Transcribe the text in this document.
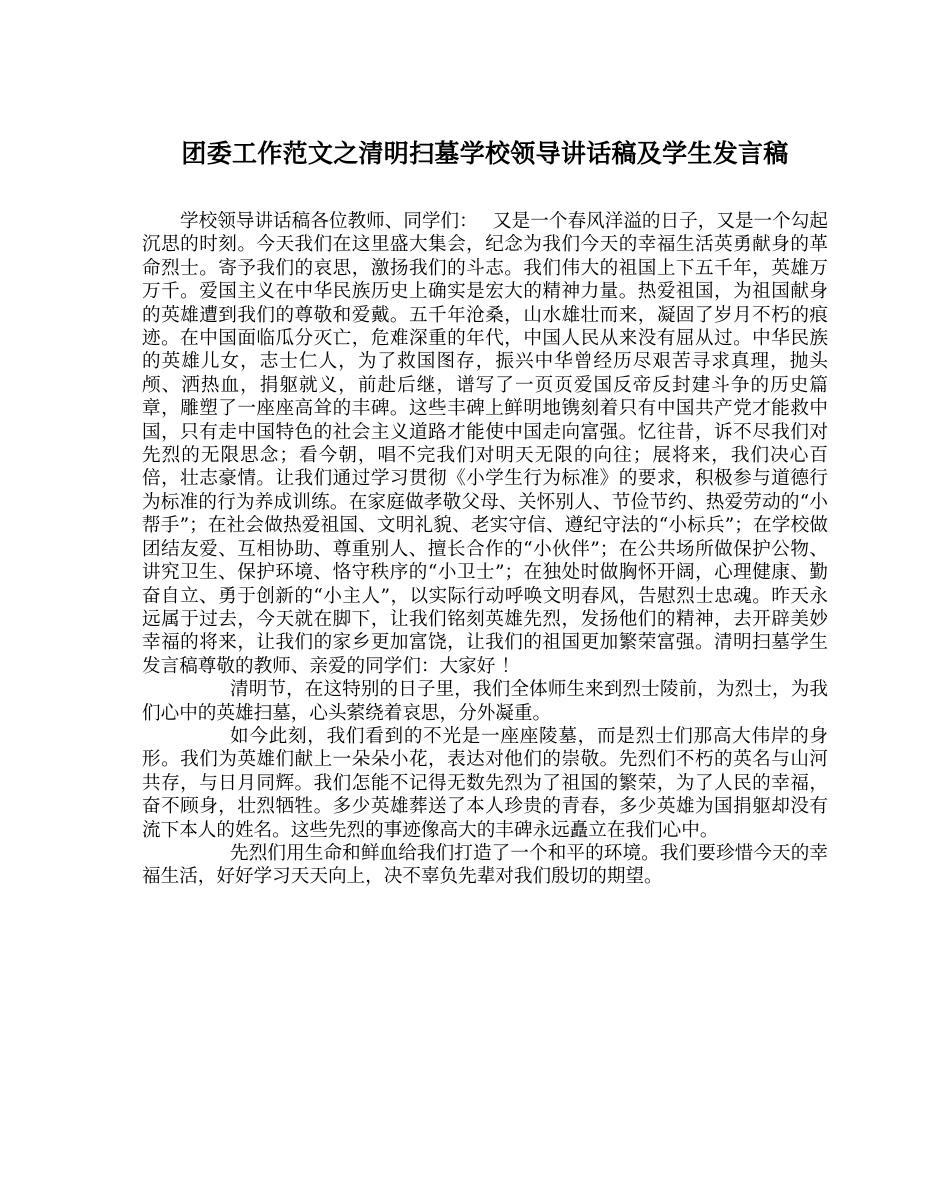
团委工作范文之清明扫墓学校领导讲话稿及学生发言稿

学校领导讲话稿各位教师、同学们：　 又是一个春风洋溢的日子，又是一个勾起沉思的时刻。今天我们在这里盛大集会，纪念为我们今天的幸福生活英勇献身的革命烈士。寄予我们的哀思，激扬我们的斗志。我们伟大的祖国上下五千年，英雄万万千。爱国主义在中华民族历史上确实是宏大的精神力量。热爱祖国，为祖国献身的英雄遭到我们的尊敬和爱戴。五千年沧桑，山水雄壮而来，凝固了岁月不朽的痕迹。在中国面临瓜分灭亡，危难深重的年代，中国人民从来没有屈从过。中华民族的英雄儿女，志士仁人，为了救国图存，振兴中华曾经历尽艰苦寻求真理，抛头颅、洒热血，捐躯就义，前赴后继，谱写了一页页爱国反帝反封建斗争的历史篇章，雕塑了一座座高耸的丰碑。这些丰碑上鲜明地镌刻着只有中国共产党才能救中国，只有走中国特色的社会主义道路才能使中国走向富强。忆往昔，诉不尽我们对先烈的无限思念；看今朝，唱不完我们对明天无限的向往；展将来，我们决心百倍，壮志豪情。让我们通过学习贯彻《小学生行为标准》的要求，积极参与道德行为标准的行为养成训练。在家庭做孝敬父母、关怀别人、节俭节约、热爱劳动的“小帮手”；在社会做热爱祖国、文明礼貌、老实守信、遵纪守法的“小标兵”；在学校做团结友爱、互相协助、尊重别人、擅长合作的“小伙伴”；在公共场所做保护公物、讲究卫生、保护环境、恪守秩序的“小卫士”；在独处时做胸怀开阔，心理健康、勤奋自立、勇于创新的“小主人”，以实际行动呼唤文明春风，告慰烈士忠魂。昨天永远属于过去，今天就在脚下，让我们铭刻英雄先烈，发扬他们的精神，去开辟美妙幸福的将来，让我们的家乡更加富饶，让我们的祖国更加繁荣富强。清明扫墓学生发言稿尊敬的教师、亲爱的同学们：大家好 ！

清明节，在这特别的日子里，我们全体师生来到烈士陵前，为烈士，为我们心中的英雄扫墓，心头萦绕着哀思，分外凝重。

如今此刻，我们看到的不光是一座座陵墓，而是烈士们那高大伟岸的身形。我们为英雄们献上一朵朵小花，表达对他们的崇敬。先烈们不朽的英名与山河共存，与日月同辉。我们怎能不记得无数先烈为了祖国的繁荣，为了人民的幸福，奋不顾身，壮烈牺牲。多少英雄葬送了本人珍贵的青春，多少英雄为国捐躯却没有流下本人的姓名。这些先烈的事迹像高大的丰碑永远矗立在我们心中。

先烈们用生命和鲜血给我们打造了一个和平的环境。我们要珍惜今天的幸福生活，好好学习天天向上，决不辜负先辈对我们殷切的期望。
